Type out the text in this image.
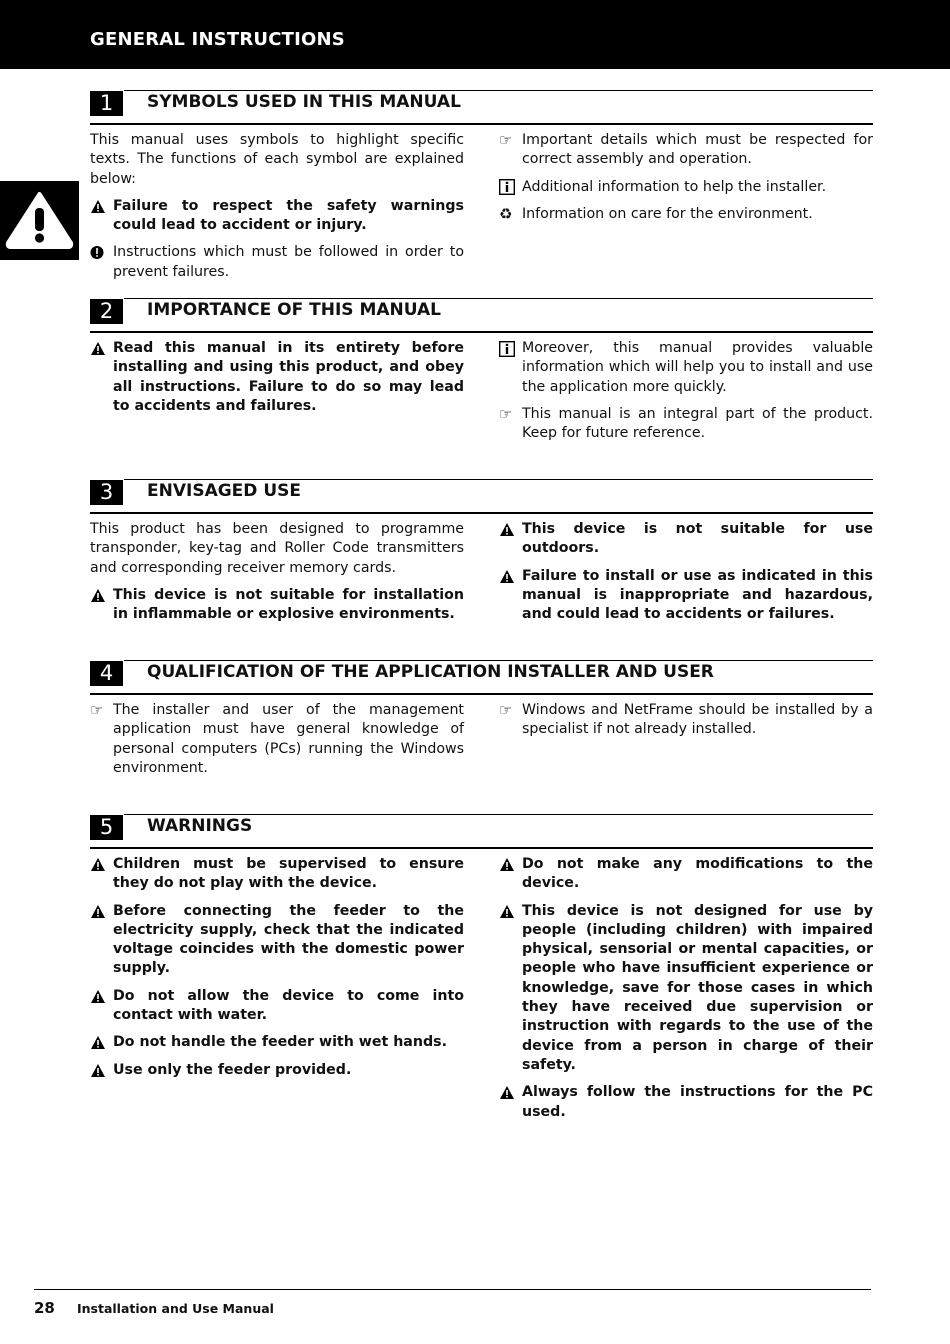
GENERAL INSTRUCTIONS
1	SYMBOLS USED IN THIS MANUAL
This manual uses symbols to highlight specific texts. The functions of each symbol are explained below:
Failure to respect the safety warnings could lead to accident or injury.
Instructions which must be followed in order to prevent failures.
☞ Important details which must be respected for correct assembly and operation.
Additional information to help the installer.
♻ Information on care for the environment.
2	IMPORTANCE OF THIS MANUAL
Read this manual in its entirety before installing and using this product, and obey all instructions. Failure to do so may lead to accidents and failures.
Moreover, this manual provides valuable information which will help you to install and use the application more quickly.
☞ This manual is an integral part of the product. Keep for future reference.
3	ENVISAGED USE
This product has been designed to programme transponder, key-tag and Roller Code transmitters and corresponding receiver memory cards.
This device is not suitable for installation in inflammable or explosive environments.
This device is not suitable for use outdoors.
Failure to install or use as indicated in this manual is inappropriate and hazardous, and could lead to accidents or failures.
4	QUALIFICATION OF THE APPLICATION INSTALLER AND USER
☞ The installer and user of the management application must have general knowledge of personal computers (PCs) running the Windows environment.
☞ Windows and NetFrame should be installed by a specialist if not already installed.
5	WARNINGS
Children must be supervised to ensure they do not play with the device.
Before connecting the feeder to the electricity supply, check that the indicated voltage coincides with the domestic power supply.
Do not allow the device to come into contact with water.
Do not handle the feeder with wet hands.
Use only the feeder provided.
Do not make any modifications to the device.
This device is not designed for use by people (including children) with impaired physical, sensorial or mental capacities, or people who have insufficient experience or knowledge, save for those cases in which they have received due supervision or instruction with regards to the use of the device from a person in charge of their safety.
Always follow the instructions for the PC used.
28 Installation and Use Manual
